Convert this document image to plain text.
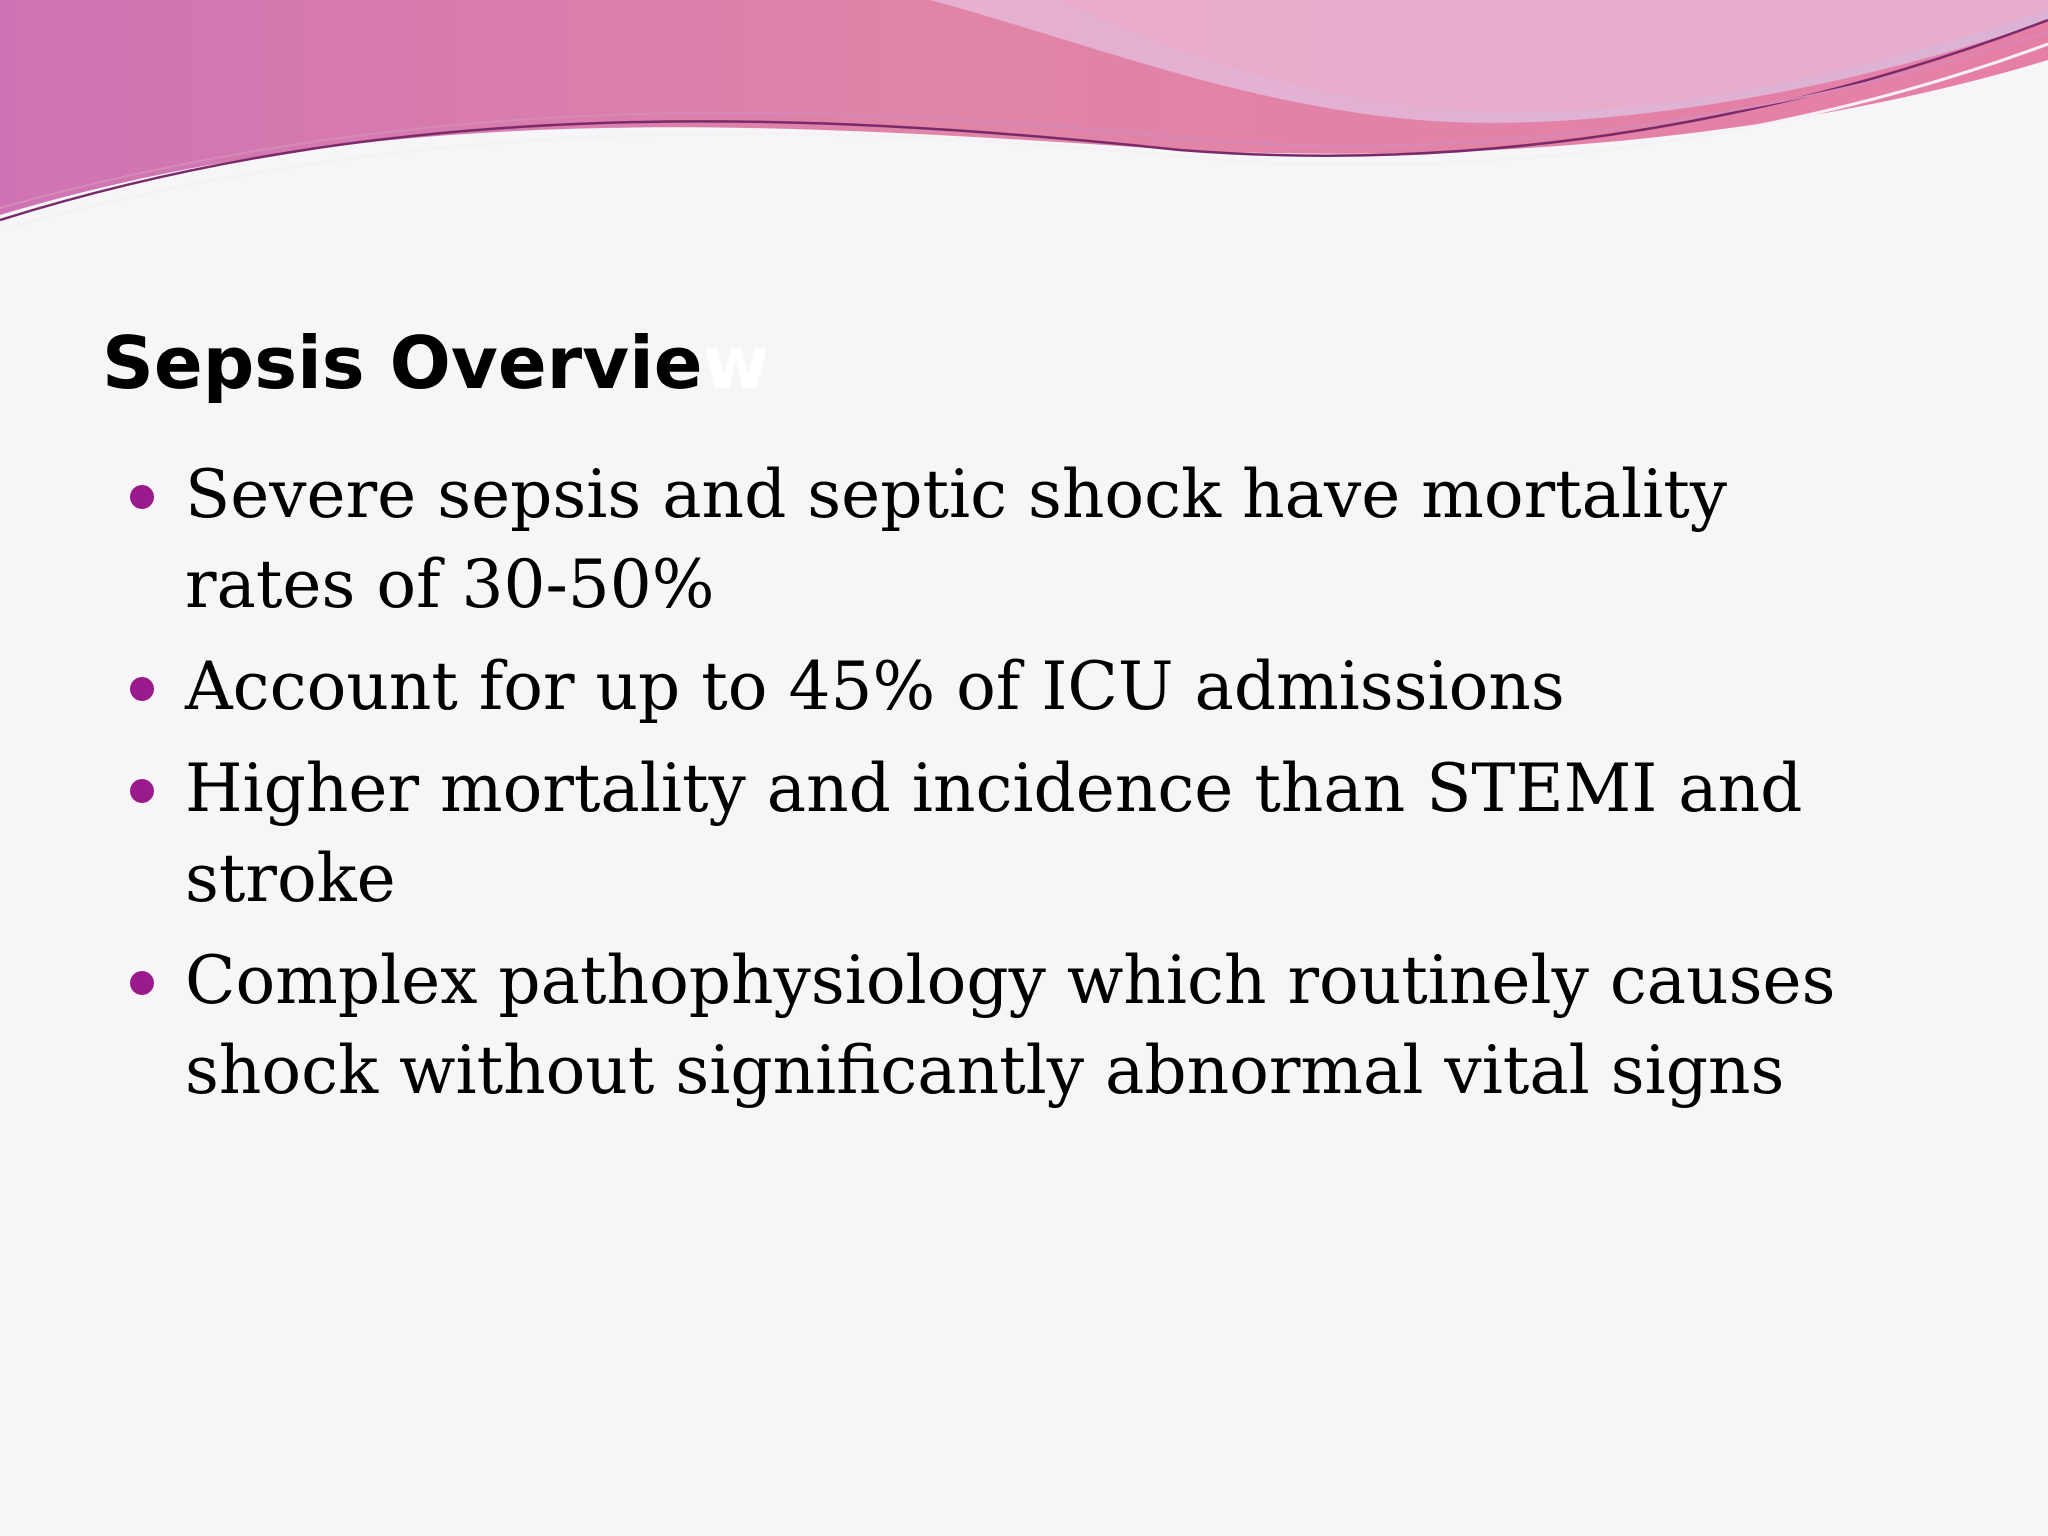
Sepsis Overview
Severe sepsis and septic shock have mortality rates of 30-50%
Account for up to 45% of ICU admissions
Higher mortality and incidence than STEMI and stroke
Complex pathophysiology which routinely causes shock without significantly abnormal vital signs
